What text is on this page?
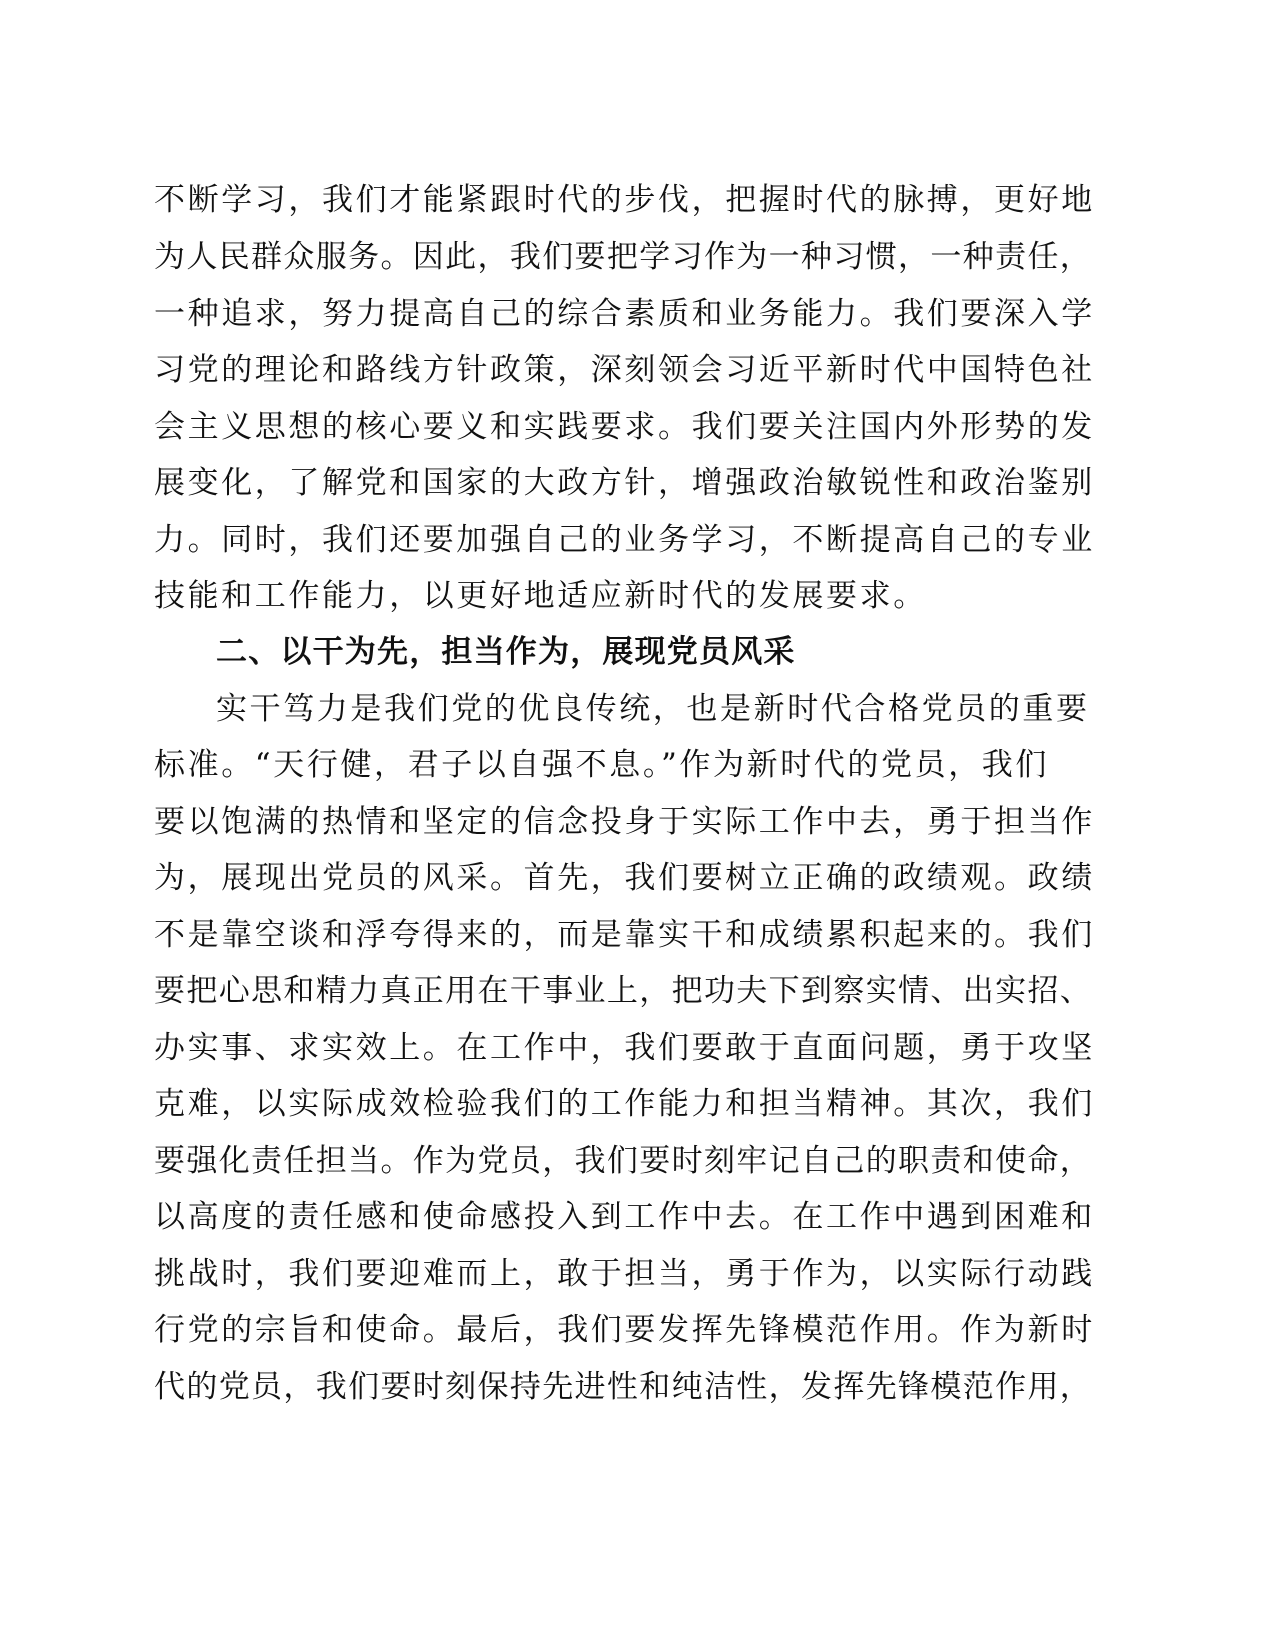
不断学习，我们才能紧跟时代的步伐，把握时代的脉搏，更好地
为人民群众服务。因此，我们要把学习作为一种习惯，一种责任，
一种追求，努力提高自己的综合素质和业务能力。我们要深入学
习党的理论和路线方针政策，深刻领会习近平新时代中国特色社
会主义思想的核心要义和实践要求。我们要关注国内外形势的发
展变化，了解党和国家的大政方针，增强政治敏锐性和政治鉴别
力。同时，我们还要加强自己的业务学习，不断提高自己的专业
技能和工作能力，以更好地适应新时代的发展要求。
二、以干为先，担当作为，展现党员风采
实干笃力是我们党的优良传统，也是新时代合格党员的重要
标准。“天行健，君子以自强不息。”作为新时代的党员，我们
要以饱满的热情和坚定的信念投身于实际工作中去，勇于担当作
为，展现出党员的风采。首先，我们要树立正确的政绩观。政绩
不是靠空谈和浮夸得来的，而是靠实干和成绩累积起来的。我们
要把心思和精力真正用在干事业上，把功夫下到察实情、出实招、
办实事、求实效上。在工作中，我们要敢于直面问题，勇于攻坚
克难，以实际成效检验我们的工作能力和担当精神。其次，我们
要强化责任担当。作为党员，我们要时刻牢记自己的职责和使命，
以高度的责任感和使命感投入到工作中去。在工作中遇到困难和
挑战时，我们要迎难而上，敢于担当，勇于作为，以实际行动践
行党的宗旨和使命。最后，我们要发挥先锋模范作用。作为新时
代的党员，我们要时刻保持先进性和纯洁性，发挥先锋模范作用，
